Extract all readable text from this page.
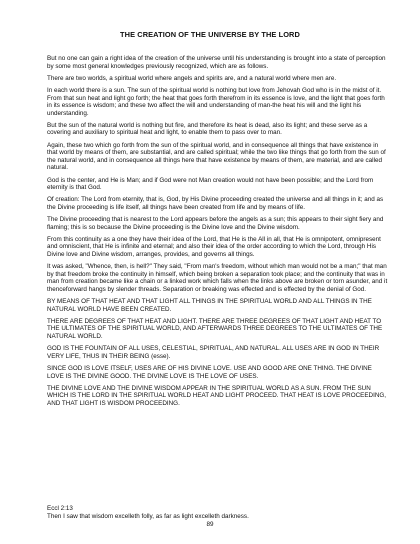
THE CREATION OF THE UNIVERSE BY THE LORD

But no one can gain a right idea of the creation of the universe until his understanding is brought into a state of perception by some most general knowledges previously recognized, which are as follows.

There are two worlds, a spiritual world where angels and spirits are, and a natural world where men are.

In each world there is a sun. The sun of the spiritual world is nothing but love from Jehovah God who is in the midst of it. From that sun heat and light go forth; the heat that goes forth therefrom in its essence is love, and the light that goes forth in its essence is wisdom; and these two affect the will and understanding of man-the heat his will and the light his understanding.

But the sun of the natural world is nothing but fire, and therefore its heat is dead, also its light; and these serve as a covering and auxiliary to spiritual heat and light, to enable them to pass over to man.

Again, these two which go forth from the sun of the spiritual world, and in consequence all things that have existence in that world by means of them, are substantial, and are called spiritual; while the two like things that go forth from the sun of the natural world, and in consequence all things here that have existence by means of them, are material, and are called natural.

God is the center, and He is Man; and if God were not Man creation would not have been possible; and the Lord from eternity is that God.

Of creation: The Lord from eternity, that is, God, by His Divine proceeding created the universe and all things in it; and as the Divine proceeding is life itself, all things have been created from life and by means of life.

The Divine proceeding that is nearest to the Lord appears before the angels as a sun; this appears to their sight fiery and flaming; this is so because the Divine proceeding is the Divine love and the Divine wisdom.

From this continuity as a one they have their idea of the Lord, that He is the All in all, that He is omnipotent, omnipresent and omniscient, that He is infinite and eternal; and also their idea of the order according to which the Lord, through His Divine love and Divine wisdom, arranges, provides, and governs all things.

It was asked, "Whence, then, is hell?" They said, "From man's freedom, without which man would not be a man;" that man by that freedom broke the continuity in himself, which being broken a separation took place; and the continuity that was in man from creation became like a chain or a linked work which falls when the links above are broken or torn asunder, and it thenceforward hangs by slender threads. Separation or breaking was effected and is effected by the denial of God.

BY MEANS OF THAT HEAT AND THAT LIGHT ALL THINGS IN THE SPIRITUAL WORLD AND ALL THINGS IN THE NATURAL WORLD HAVE BEEN CREATED.

THERE ARE DEGREES OF THAT HEAT AND LIGHT. THERE ARE THREE DEGREES OF THAT LIGHT AND HEAT TO THE ULTIMATES OF THE SPIRITUAL WORLD, AND AFTERWARDS THREE DEGREES TO THE ULTIMATES OF THE NATURAL WORLD.

GOD IS THE FOUNTAIN OF ALL USES, CELESTIAL, SPIRITUAL, AND NATURAL. ALL USES ARE IN GOD IN THEIR VERY LIFE, THUS IN THEIR BEING (esse).

SINCE GOD IS LOVE ITSELF, USES ARE OF HIS DIVINE LOVE. USE AND GOOD ARE ONE THING. THE DIVINE LOVE IS THE DIVINE GOOD. THE DIVINE LOVE IS THE LOVE OF USES.

THE DIVINE LOVE AND THE DIVINE WISDOM APPEAR IN THE SPIRITUAL WORLD AS A SUN. FROM THE SUN WHICH IS THE LORD IN THE SPIRITUAL WORLD HEAT AND LIGHT PROCEED. THAT HEAT IS LOVE PROCEEDING, AND THAT LIGHT IS WISDOM PROCEEDING.

Eccl 2:13

Then I saw that wisdom excelleth folly, as far as light excelleth darkness.

89
